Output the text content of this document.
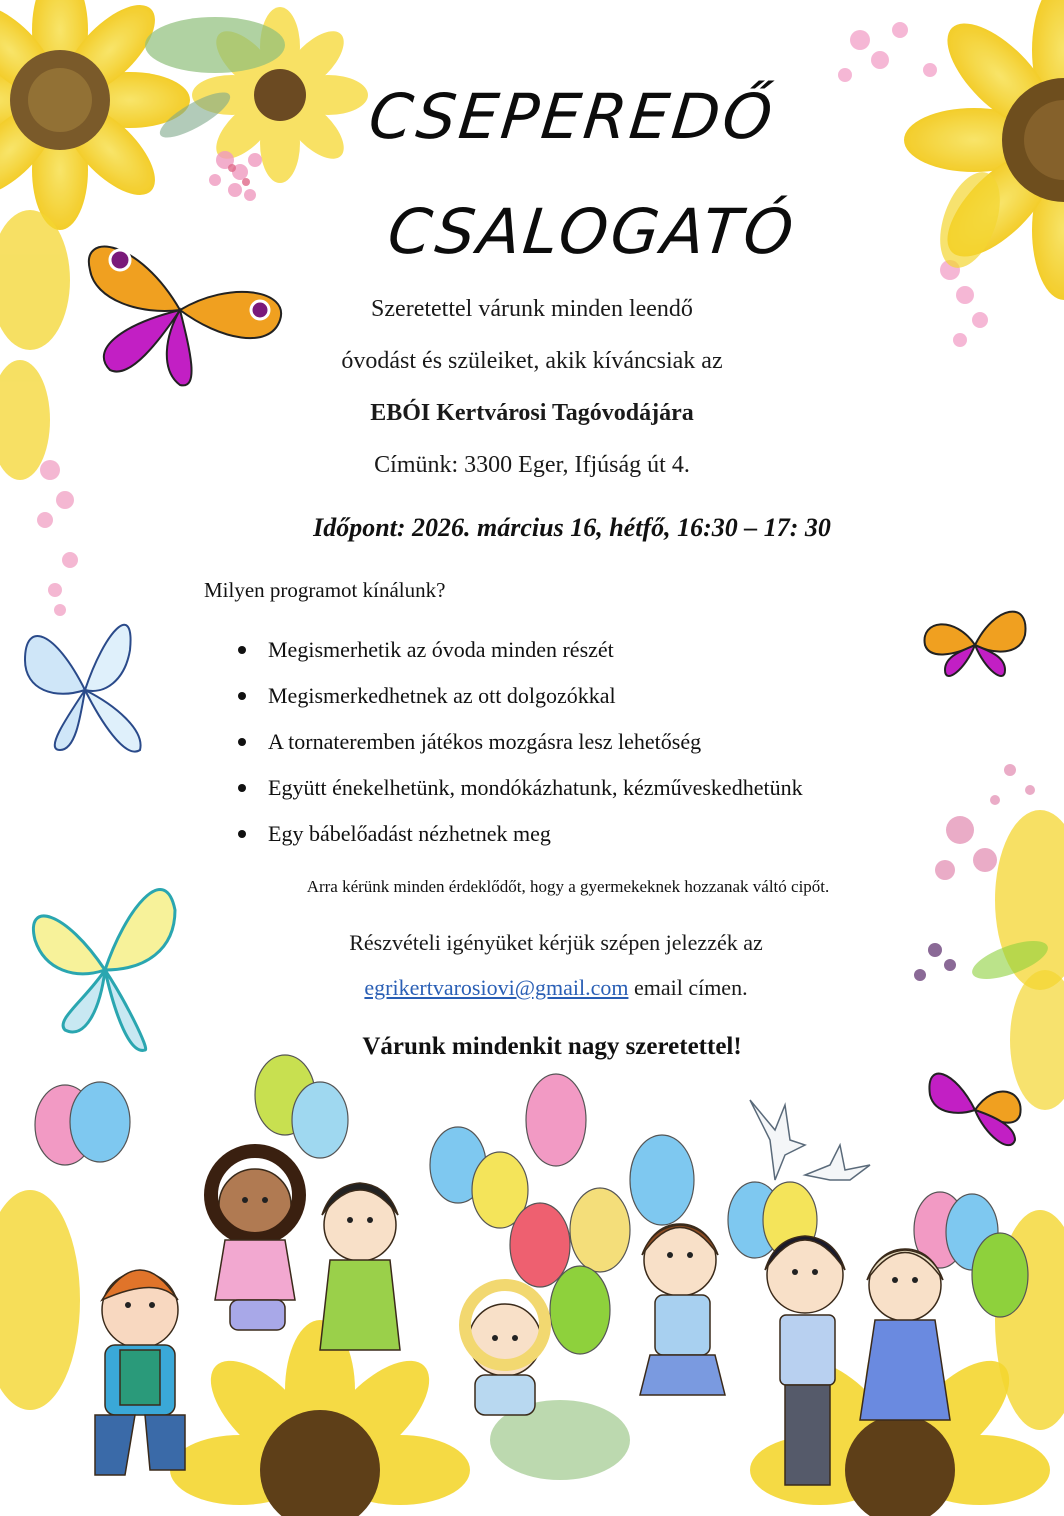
CSEPEREDŐ
CSALOGATÓ
Szeretettel várunk minden leendő
óvodást és szüleiket, akik kíváncsiak az
EBÓI Kertvárosi Tagóvodájára
Címünk: 3300 Eger, Ifjúság út 4.
Időpont: 2026. március 16, hétfő, 16:30 – 17: 30
Milyen programot kínálunk?
Megismerhetik az óvoda minden részét
Megismerkedhetnek az ott dolgozókkal
A tornateremben játékos mozgásra lesz lehetőség
Együtt énekelhetünk, mondókázhatunk, kézműveskedhetünk
Egy bábelőadást nézhetnek meg
Arra kérünk minden érdeklődőt, hogy a gyermekeknek hozzanak váltó cipőt.
Részvételi igényüket kérjük szépen jelezzék az
egrikertvarosiovi@gmail.com email címen.
Várunk mindenkit nagy szeretettel!
